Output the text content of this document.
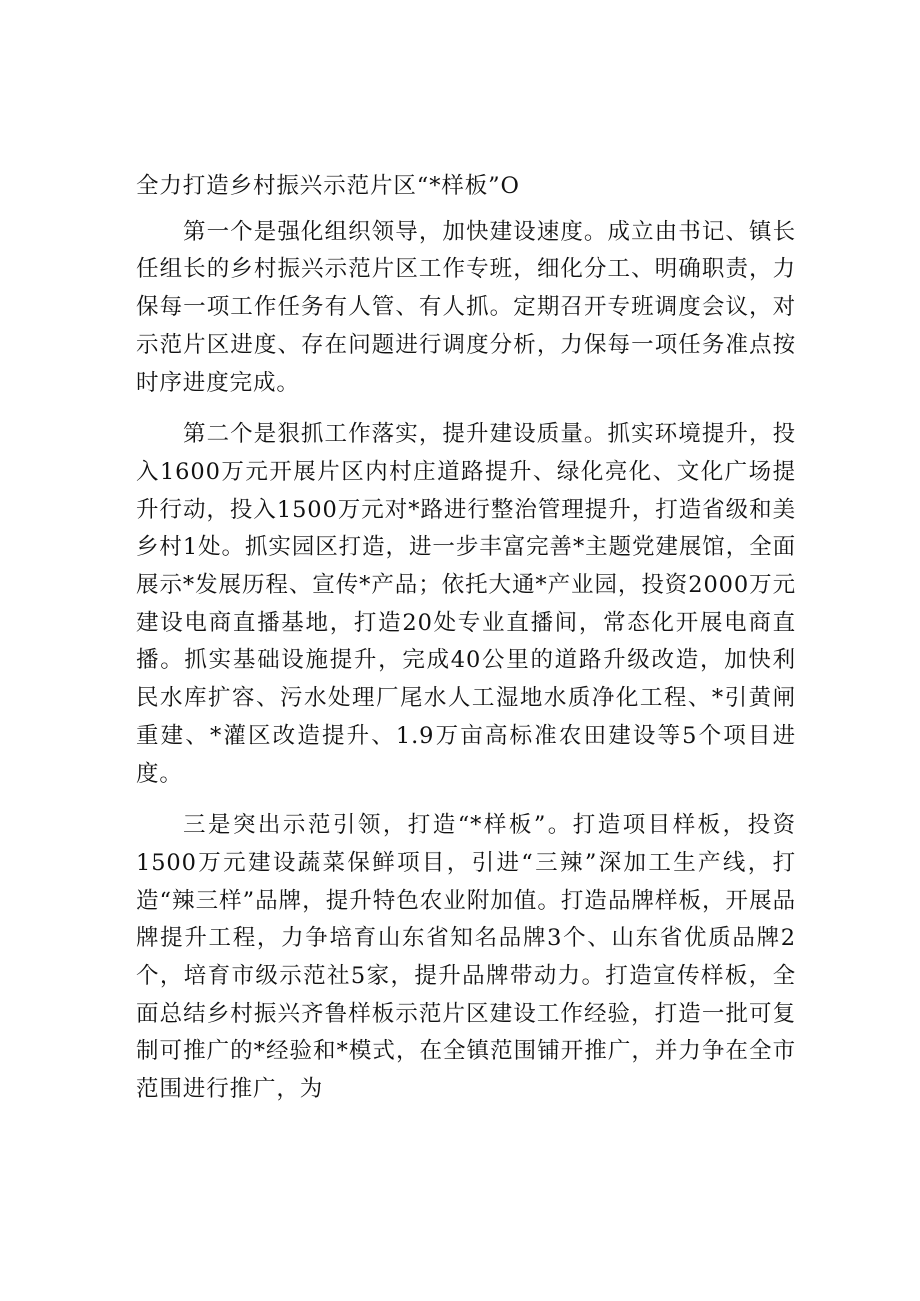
全力打造乡村振兴示范片区“*样板”O

第一个是强化组织领导，加快建设速度。成立由书记、镇长任组长的乡村振兴示范片区工作专班，细化分工、明确职责，力保每一项工作任务有人管、有人抓。定期召开专班调度会议，对示范片区进度、存在问题进行调度分析，力保每一项任务准点按时序进度完成。

第二个是狠抓工作落实，提升建设质量。抓实环境提升，投入1600万元开展片区内村庄道路提升、绿化亮化、文化广场提升行动，投入1500万元对*路进行整治管理提升，打造省级和美乡村1处。抓实园区打造，进一步丰富完善*主题党建展馆，全面展示*发展历程、宣传*产品；依托大通*产业园，投资2000万元建设电商直播基地，打造20处专业直播间，常态化开展电商直播。抓实基础设施提升，完成40公里的道路升级改造，加快利民水库扩容、污水处理厂尾水人工湿地水质净化工程、*引黄闸重建、*灌区改造提升、1.9万亩高标准农田建设等5个项目进度。

三是突出示范引领，打造“*样板”。打造项目样板，投资1500万元建设蔬菜保鲜项目，引进“三辣”深加工生产线，打造“辣三样”品牌，提升特色农业附加值。打造品牌样板，开展品牌提升工程，力争培育山东省知名品牌3个、山东省优质品牌2个，培育市级示范社5家，提升品牌带动力。打造宣传样板，全面总结乡村振兴齐鲁样板示范片区建设工作经验，打造一批可复制可推广的*经验和*模式，在全镇范围铺开推广，并力争在全市范围进行推广，为
